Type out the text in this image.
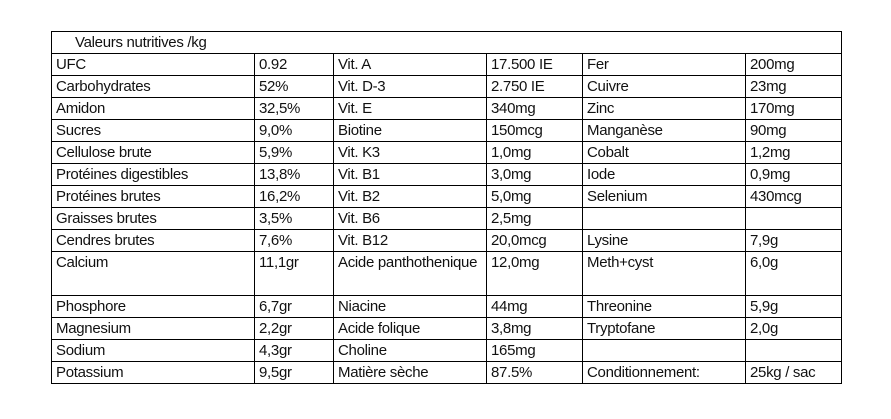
Valeurs nutritives /kg					
UFC	0.92	Vit. A	17.500 IE	Fer	200mg
Carbohydrates	52%	Vit. D-3	2.750 IE	Cuivre	23mg
Amidon	32,5%	Vit. E	340mg	Zinc	170mg
Sucres	9,0%	Biotine	150mcg	Manganèse	90mg
Cellulose brute	5,9%	Vit. K3	1,0mg	Cobalt	1,2mg
Protéines digestibles	13,8%	Vit. B1	3,0mg	Iode	0,9mg
Protéines brutes	16,2%	Vit. B2	5,0mg	Selenium	430mcg
Graisses brutes	3,5%	Vit. B6	2,5mg		
Cendres brutes	7,6%	Vit. B12	20,0mcg	Lysine	7,9g
Calcium	11,1gr	Acide panthothenique	12,0mg	Meth+cyst	6,0g
Phosphore	6,7gr	Niacine	44mg	Threonine	5,9g
Magnesium	2,2gr	Acide folique	3,8mg	Tryptofane	2,0g
Sodium	4,3gr	Choline	165mg		
Potassium	9,5gr	Matière sèche	87.5%	Conditionnement:	25kg / sac
